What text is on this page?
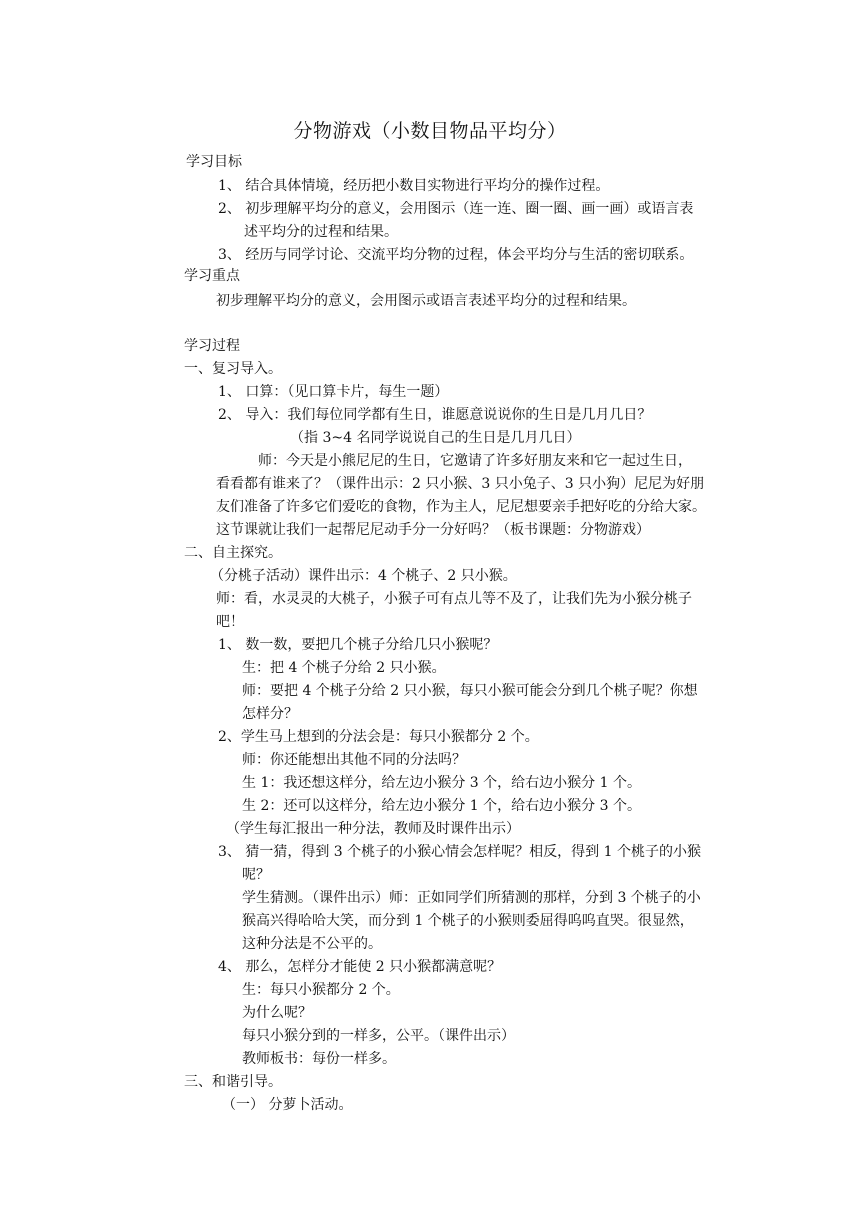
分物游戏（小数目物品平均分）
学习目标
1、 结合具体情境，经历把小数目实物进行平均分的操作过程。
2、 初步理解平均分的意义，会用图示（连一连、圈一圈、画一画）或语言表
述平均分的过程和结果。
3、 经历与同学讨论、交流平均分物的过程，体会平均分与生活的密切联系。
学习重点
初步理解平均分的意义，会用图示或语言表述平均分的过程和结果。
学习过程
一、复习导入。
1、 口算：（见口算卡片，每生一题）
2、 导入：我们每位同学都有生日，谁愿意说说你的生日是几月几日？
（指 3~4 名同学说说自己的生日是几月几日）
师：今天是小熊尼尼的生日，它邀请了许多好朋友来和它一起过生日，
看看都有谁来了？（课件出示：2 只小猴、3 只小兔子、3 只小狗）尼尼为好朋
友们准备了许多它们爱吃的食物，作为主人，尼尼想要亲手把好吃的分给大家。
这节课就让我们一起帮尼尼动手分一分好吗？（板书课题：分物游戏）
二、自主探究。
（分桃子活动）课件出示：4 个桃子、2 只小猴。
师：看，水灵灵的大桃子，小猴子可有点儿等不及了，让我们先为小猴分桃子
吧！
1、 数一数，要把几个桃子分给几只小猴呢？
生：把 4 个桃子分给 2 只小猴。
师：要把 4 个桃子分给 2 只小猴，每只小猴可能会分到几个桃子呢？你想
怎样分？
2、学生马上想到的分法会是：每只小猴都分 2 个。
师：你还能想出其他不同的分法吗？
生 1：我还想这样分，给左边小猴分 3 个，给右边小猴分 1 个。
生 2：还可以这样分，给左边小猴分 1 个，给右边小猴分 3 个。
（学生每汇报出一种分法，教师及时课件出示）
3、 猜一猜，得到 3 个桃子的小猴心情会怎样呢？相反，得到 1 个桃子的小猴
呢？
学生猜测。（课件出示）师：正如同学们所猜测的那样，分到 3 个桃子的小
猴高兴得哈哈大笑，而分到 1 个桃子的小猴则委屈得呜呜直哭。很显然，
这种分法是不公平的。
4、 那么，怎样分才能使 2 只小猴都满意呢？
生：每只小猴都分 2 个。
为什么呢？
每只小猴分到的一样多，公平。（课件出示）
教师板书：每份一样多。
三、和谐引导。
（一） 分萝卜活动。
